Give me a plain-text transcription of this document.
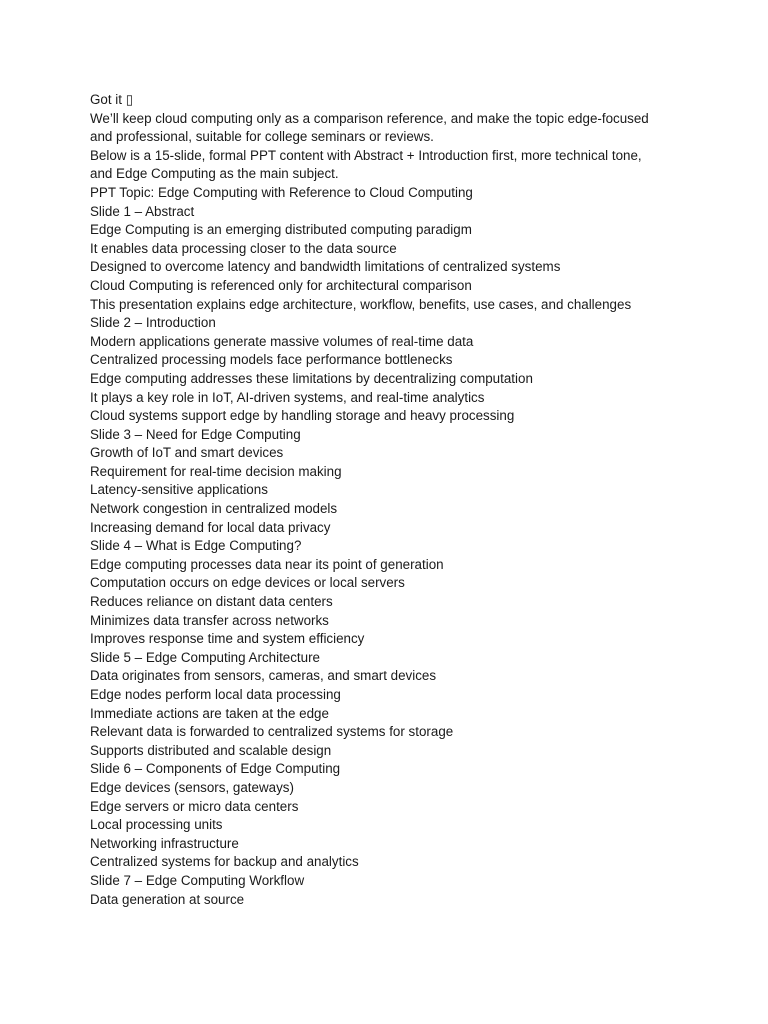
Got it ▯

We’ll keep cloud computing only as a comparison reference, and make the topic edge-focused

and professional, suitable for college seminars or reviews.

Below is a 15-slide, formal PPT content with Abstract + Introduction first, more technical tone,

and Edge Computing as the main subject.

PPT Topic: Edge Computing with Reference to Cloud Computing

Slide 1 – Abstract

Edge Computing is an emerging distributed computing paradigm

It enables data processing closer to the data source

Designed to overcome latency and bandwidth limitations of centralized systems

Cloud Computing is referenced only for architectural comparison

This presentation explains edge architecture, workflow, benefits, use cases, and challenges

Slide 2 – Introduction

Modern applications generate massive volumes of real-time data

Centralized processing models face performance bottlenecks

Edge computing addresses these limitations by decentralizing computation

It plays a key role in IoT, AI-driven systems, and real-time analytics

Cloud systems support edge by handling storage and heavy processing

Slide 3 – Need for Edge Computing

Growth of IoT and smart devices

Requirement for real-time decision making

Latency-sensitive applications

Network congestion in centralized models

Increasing demand for local data privacy

Slide 4 – What is Edge Computing?

Edge computing processes data near its point of generation

Computation occurs on edge devices or local servers

Reduces reliance on distant data centers

Minimizes data transfer across networks

Improves response time and system efficiency

Slide 5 – Edge Computing Architecture

Data originates from sensors, cameras, and smart devices

Edge nodes perform local data processing

Immediate actions are taken at the edge

Relevant data is forwarded to centralized systems for storage

Supports distributed and scalable design

Slide 6 – Components of Edge Computing

Edge devices (sensors, gateways)

Edge servers or micro data centers

Local processing units

Networking infrastructure

Centralized systems for backup and analytics

Slide 7 – Edge Computing Workflow

Data generation at source
